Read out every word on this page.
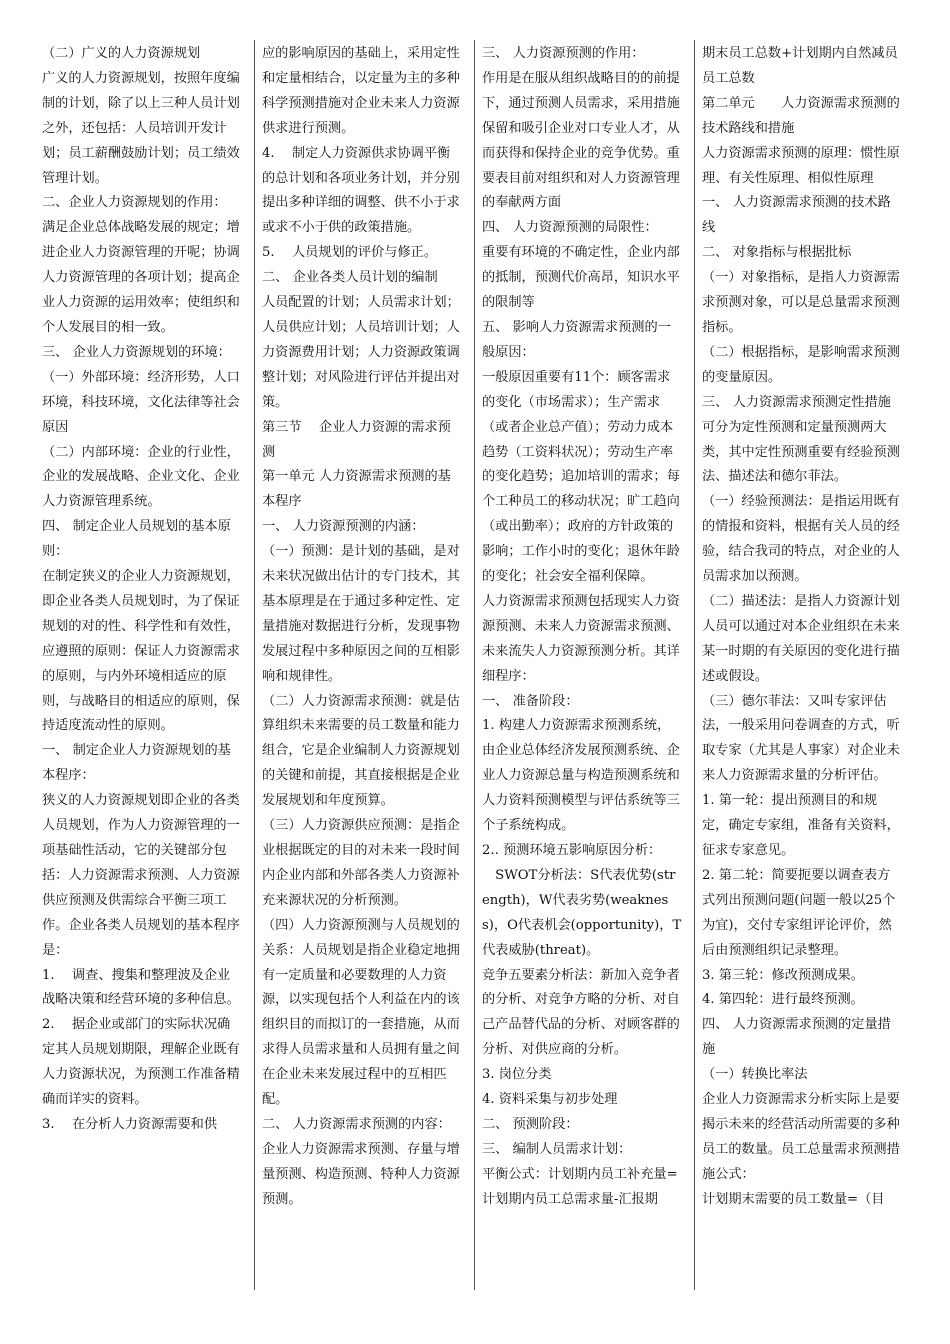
（二）广义的人力资源规划

广义的人力资源规划，按照年度编制的计划，除了以上三种人员计划之外，还包括：人员培训开发计划；员工薪酬鼓励计划；员工绩效管理计划。

二、企业人力资源规划的作用：

满足企业总体战略发展的规定；增进企业人力资源管理的开呢；协调人力资源管理的各项计划；提高企业人力资源的运用效率；使组织和个人发展目的相一致。

三、 企业人力资源规划的环境：

（一）外部环境：经济形势，人口环境，科技环境，文化法律等社会原因

（二）内部环境：企业的行业性，企业的发展战略、企业文化、企业人力资源管理系统。

四、 制定企业人员规划的基本原则：

在制定狭义的企业人力资源规划，即企业各类人员规划时，为了保证规划的对的性、科学性和有效性，应遵照的原则：保证人力资源需求的原则，与内外环境相适应的原则，与战略目的相适应的原则，保持适度流动性的原则。

一、 制定企业人力资源规划的基本程序：

狭义的人力资源规划即企业的各类人员规划，作为人力资源管理的一项基础性活动，它的关键部分包括：人力资源需求预测、人力资源供应预测及供需综合平衡三项工作。企业各类人员规划的基本程序是：

1.　 调查、搜集和整理波及企业战略决策和经营环境的多种信息。

2.　 据企业或部门的实际状况确定其人员规划期限，理解企业既有人力资源状况，为预测工作准备精确而详实的资料。

3.　 在分析人力资源需要和供

应的影响原因的基础上，采用定性和定量相结合，以定量为主的多种科学预测措施对企业未来人力资源供求进行预测。

4.　 制定人力资源供求协调平衡的总计划和各项业务计划，并分别提出多种详细的调整、供不小于求或求不小于供的政策措施。

5.　 人员规划的评价与修正。

二、 企业各类人员计划的编制

人员配置的计划；人员需求计划；人员供应计划；人员培训计划；人力资源费用计划；人力资源政策调整计划；对风险进行评估并提出对策。

第三节　 企业人力资源的需求预测

第一单元 人力资源需求预测的基本程序

一、 人力资源预测的内涵：

（一）预测：是计划的基础，是对未来状况做出估计的专门技术，其基本原理是在于通过多种定性、定量措施对数据进行分析，发现事物发展过程中多种原因之间的互相影响和规律性。

（二）人力资源需求预测：就是估算组织未来需要的员工数量和能力组合，它是企业编制人力资源规划的关键和前提，其直接根据是企业发展规划和年度预算。

（三）人力资源供应预测：是指企业根据既定的目的对未来一段时间内企业内部和外部各类人力资源补充来源状况的分析预测。

（四）人力资源预测与人员规划的关系：人员规划是指企业稳定地拥有一定质量和必要数理的人力资源，以实现包括个人利益在内的该组织目的而拟订的一套措施，从而求得人员需求量和人员拥有量之间在企业未来发展过程中的互相匹配。

二、 人力资源需求预测的内容：

企业人力资源需求预测、存量与增量预测、构造预测、特种人力资源预测。

三、 人力资源预测的作用：

作用是在服从组织战略目的的前提下，通过预测人员需求，采用措施保留和吸引企业对口专业人才，从而获得和保持企业的竞争优势。重要表目前对组织和对人力资源管理的奉献两方面

四、 人力资源预测的局限性：

重要有环境的不确定性，企业内部的抵制，预测代价高昂，知识水平的限制等

五、 影响人力资源需求预测的一般原因：

一般原因重要有11个：顾客需求的变化（市场需求）；生产需求（或者企业总产值）；劳动力成本趋势（工资料状况）；劳动生产率的变化趋势；追加培训的需求；每个工种员工的移动状况；旷工趋向（或出勤率）；政府的方针政策的影响；工作小时的变化；退休年龄的变化；社会安全福利保障。

人力资源需求预测包括现实人力资源预测、未来人力资源需求预测、未来流失人力资源预测分析。其详细程序：

一、 准备阶段：

1. 构建人力资源需求预测系统，由企业总体经济发展预测系统、企业人力资源总量与构造预测系统和人力资料预测模型与评估系统等三个子系统构成。

2.. 预测环境五影响原因分析：

　SWOT分析法：S代表优势(strength)，W代表劣势(weakness)，O代表机会(opportunity)，T代表威胁(threat)。

竞争五要素分析法：新加入竞争者的分析、对竞争方略的分析、对自己产品替代品的分析、对顾客群的分析、对供应商的分析。

3. 岗位分类

4. 资料采集与初步处理

二、 预测阶段：

三、 编制人员需求计划：

平衡公式：计划期内员工补充量=计划期内员工总需求量-汇报期

期末员工总数+计划期内自然减员员工总数

第二单元　　人力资源需求预测的技术路线和措施

人力资源需求预测的原理：惯性原理、有关性原理、相似性原理

一、 人力资源需求预测的技术路线

二、 对象指标与根据批标

（一）对象指标，是指人力资源需求预测对象，可以是总量需求预测指标。

（二）根据指标，是影响需求预测的变量原因。

三、 人力资源需求预测定性措施

可分为定性预测和定量预测两大类，其中定性预测重要有经验预测法、描述法和德尔菲法。

（一）经验预测法：是指运用既有的情报和资料，根据有关人员的经验，结合我司的特点，对企业的人员需求加以预测。

（二）描述法：是指人力资源计划人员可以通过对本企业组织在未来某一时期的有关原因的变化进行描述或假设。

（三）德尔菲法：又叫专家评估法，一般采用问卷调查的方式，听取专家（尤其是人事家）对企业未来人力资源需求量的分析评估。

1. 第一轮：提出预测目的和规定，确定专家组，准备有关资料，征求专家意见。

2. 第二轮：简要扼要以调查表方式列出预测问题(问题一般以25个为宜)，交付专家组评论评价，然后由预测组织记录整理。

3. 第三轮：修改预测成果。

4. 第四轮：进行最终预测。

四、 人力资源需求预测的定量措施

（一）转换比率法

企业人力资源需求分析实际上是要揭示未来的经营活动所需要的多种员工的数量。员工总量需求预测措施公式：

计划期末需要的员工数量=（目
